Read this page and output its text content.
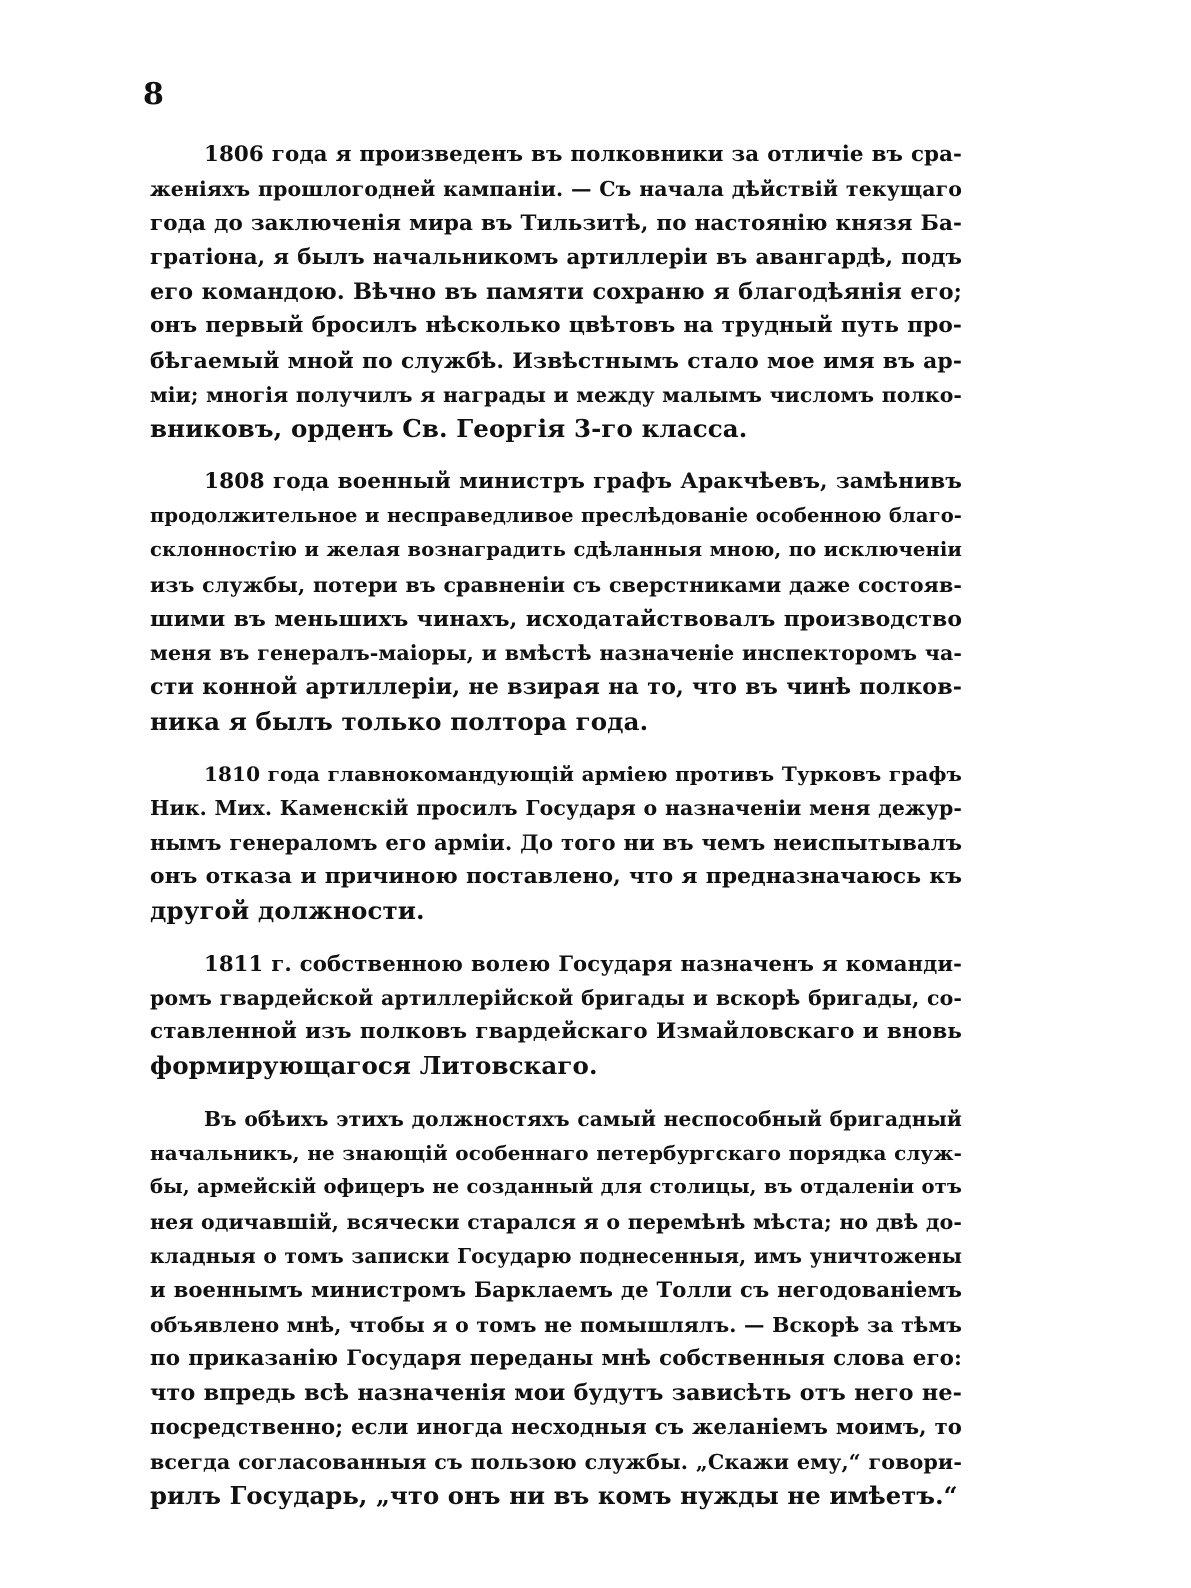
8
1806 года я произведенъ въ полковники за отличіе въ сра-
женіяхъ прошлогодней кампаніи. — Съ начала дѣйствій текущаго
года до заключенія мира въ Тильзитѣ, по настоянію князя Ба-
гратіона, я былъ начальникомъ артиллеріи въ авангардѣ, подъ
его командою. Вѣчно въ памяти сохраню я благодѣянія его;
онъ первый бросилъ нѣсколько цвѣтовъ на трудный путь про-
бѣгаемый мной по службѣ. Извѣстнымъ стало мое имя въ ар-
міи; многія получилъ я награды и между малымъ числомъ полко-
вниковъ, орденъ Св. Георгія 3-го класса.
1808 года военный министръ графъ Аракчѣевъ, замѣнивъ
продолжительное и несправедливое преслѣдованіе особенною благо-
склонностію и желая вознаградить сдѣланныя мною, по исключеніи
изъ службы, потери въ сравненіи съ сверстниками даже состояв-
шими въ меньшихъ чинахъ, исходатайствовалъ производство
меня въ генералъ-маіоры, и вмѣстѣ назначеніе инспекторомъ ча-
сти конной артиллеріи, не взирая на то, что въ чинѣ полков-
ника я былъ только полтора года.
1810 года главнокомандующій арміею противъ Турковъ графъ
Ник. Мих. Каменскій просилъ Государя о назначеніи меня дежур-
нымъ генераломъ его арміи. До того ни въ чемъ неиспытывалъ
онъ отказа и причиною поставлено, что я предназначаюсь къ
другой должности.
1811 г. собственною волею Государя назначенъ я команди-
ромъ гвардейской артиллерійской бригады и вскорѣ бригады, со-
ставленной изъ полковъ гвардейскаго Измайловскаго и вновь
формирующагося Литовскаго.
Въ обѣихъ этихъ должностяхъ самый неспособный бригадный
начальникъ, не знающій особеннаго петербургскаго порядка служ-
бы, армейскій офицеръ не созданный для столицы, въ отдаленіи отъ
нея одичавшій, всячески старался я о перемѣнѣ мѣста; но двѣ до-
кладныя о томъ записки Государю поднесенныя, имъ уничтожены
и военнымъ министромъ Барклаемъ де Толли съ негодованіемъ
объявлено мнѣ, чтобы я о томъ не помышлялъ. — Вскорѣ за тѣмъ
по приказанію Государя переданы мнѣ собственныя слова его:
что впредь всѣ назначенія мои будутъ зависѣть отъ него не-
посредственно; если иногда несходныя съ желаніемъ моимъ, то
всегда согласованныя съ пользою службы. „Скажи ему,“ говори-
рилъ Государь, „что онъ ни въ комъ нужды не имѣетъ.“
